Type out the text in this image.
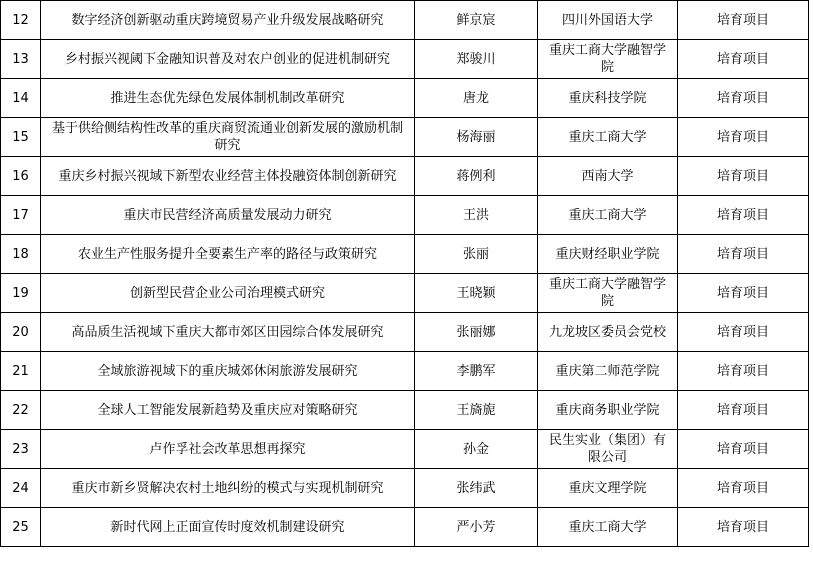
12	数字经济创新驱动重庆跨境贸易产业升级发展战略研究	鲜京宸	四川外国语大学	培育项目
13	乡村振兴视阈下金融知识普及对农户创业的促进机制研究	郑骏川	重庆工商大学融智学院	培育项目
14	推进生态优先绿色发展体制机制改革研究	唐龙	重庆科技学院	培育项目
15	基于供给侧结构性改革的重庆商贸流通业创新发展的激励机制研究	杨海丽	重庆工商大学	培育项目
16	重庆乡村振兴视域下新型农业经营主体投融资体制创新研究	蒋例利	西南大学	培育项目
17	重庆市民营经济高质量发展动力研究	王洪	重庆工商大学	培育项目
18	农业生产性服务提升全要素生产率的路径与政策研究	张丽	重庆财经职业学院	培育项目
19	创新型民营企业公司治理模式研究	王晓颖	重庆工商大学融智学院	培育项目
20	高品质生活视域下重庆大都市郊区田园综合体发展研究	张丽娜	九龙坡区委员会党校	培育项目
21	全域旅游视域下的重庆城郊休闲旅游发展研究	李鹏军	重庆第二师范学院	培育项目
22	全球人工智能发展新趋势及重庆应对策略研究	王旖旎	重庆商务职业学院	培育项目
23	卢作孚社会改革思想再探究	孙金	民生实业（集团）有限公司	培育项目
24	重庆市新乡贤解决农村土地纠纷的模式与实现机制研究	张纬武	重庆文理学院	培育项目
25	新时代网上正面宣传时度效机制建设研究	严小芳	重庆工商大学	培育项目
